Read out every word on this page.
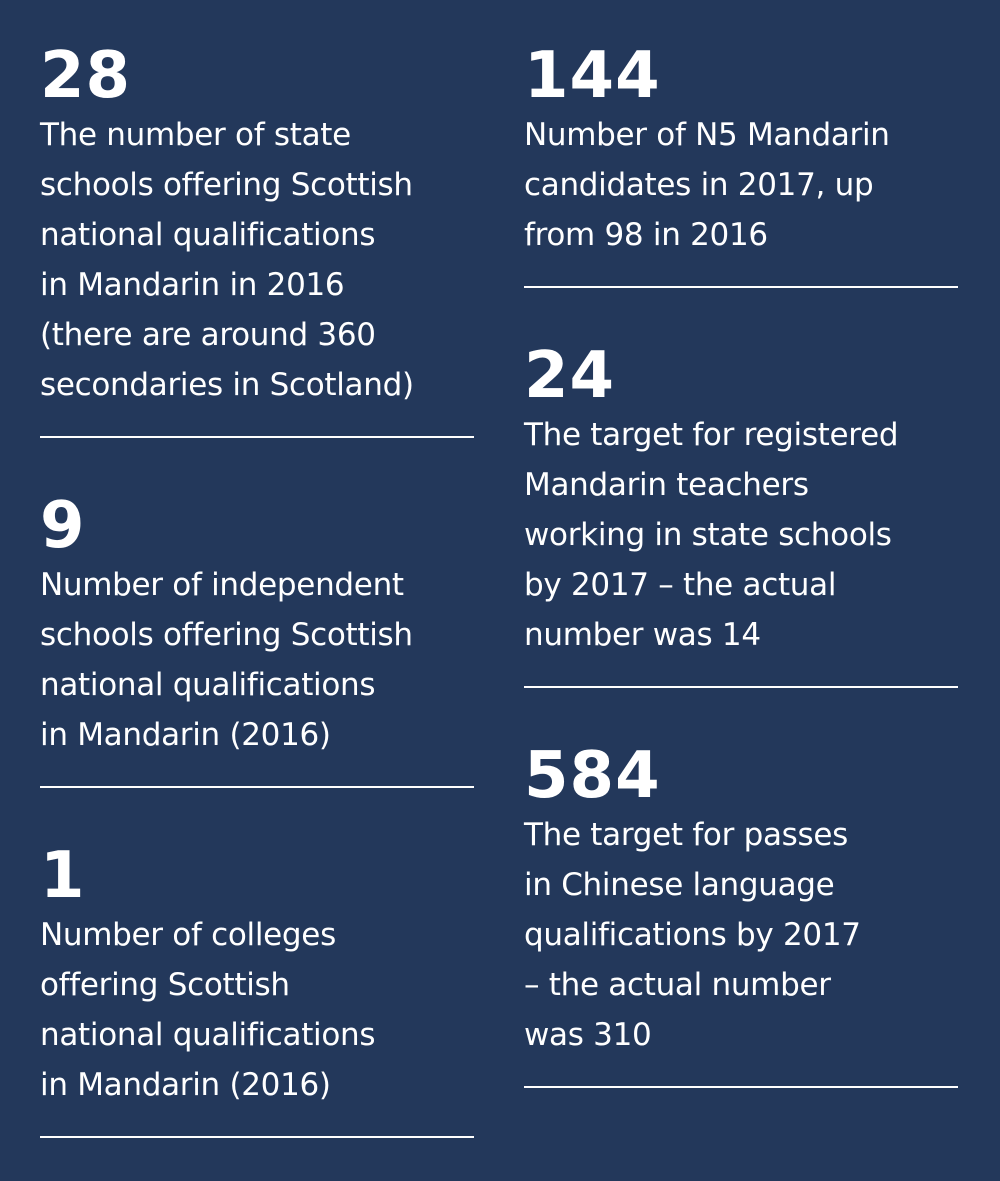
28
The number of state
schools offering Scottish
national qualifications
in Mandarin in 2016
(there are around 360
secondaries in Scotland)
9
Number of independent
schools offering Scottish
national qualifications
in Mandarin (2016)
1
Number of colleges
offering Scottish
national qualifications
in Mandarin (2016)
144
Number of N5 Mandarin
candidates in 2017, up
from 98 in 2016
24
The target for registered
Mandarin teachers
working in state schools
by 2017 – the actual
number was 14
584
The target for passes
in Chinese language
qualifications by 2017
– the actual number
was 310
